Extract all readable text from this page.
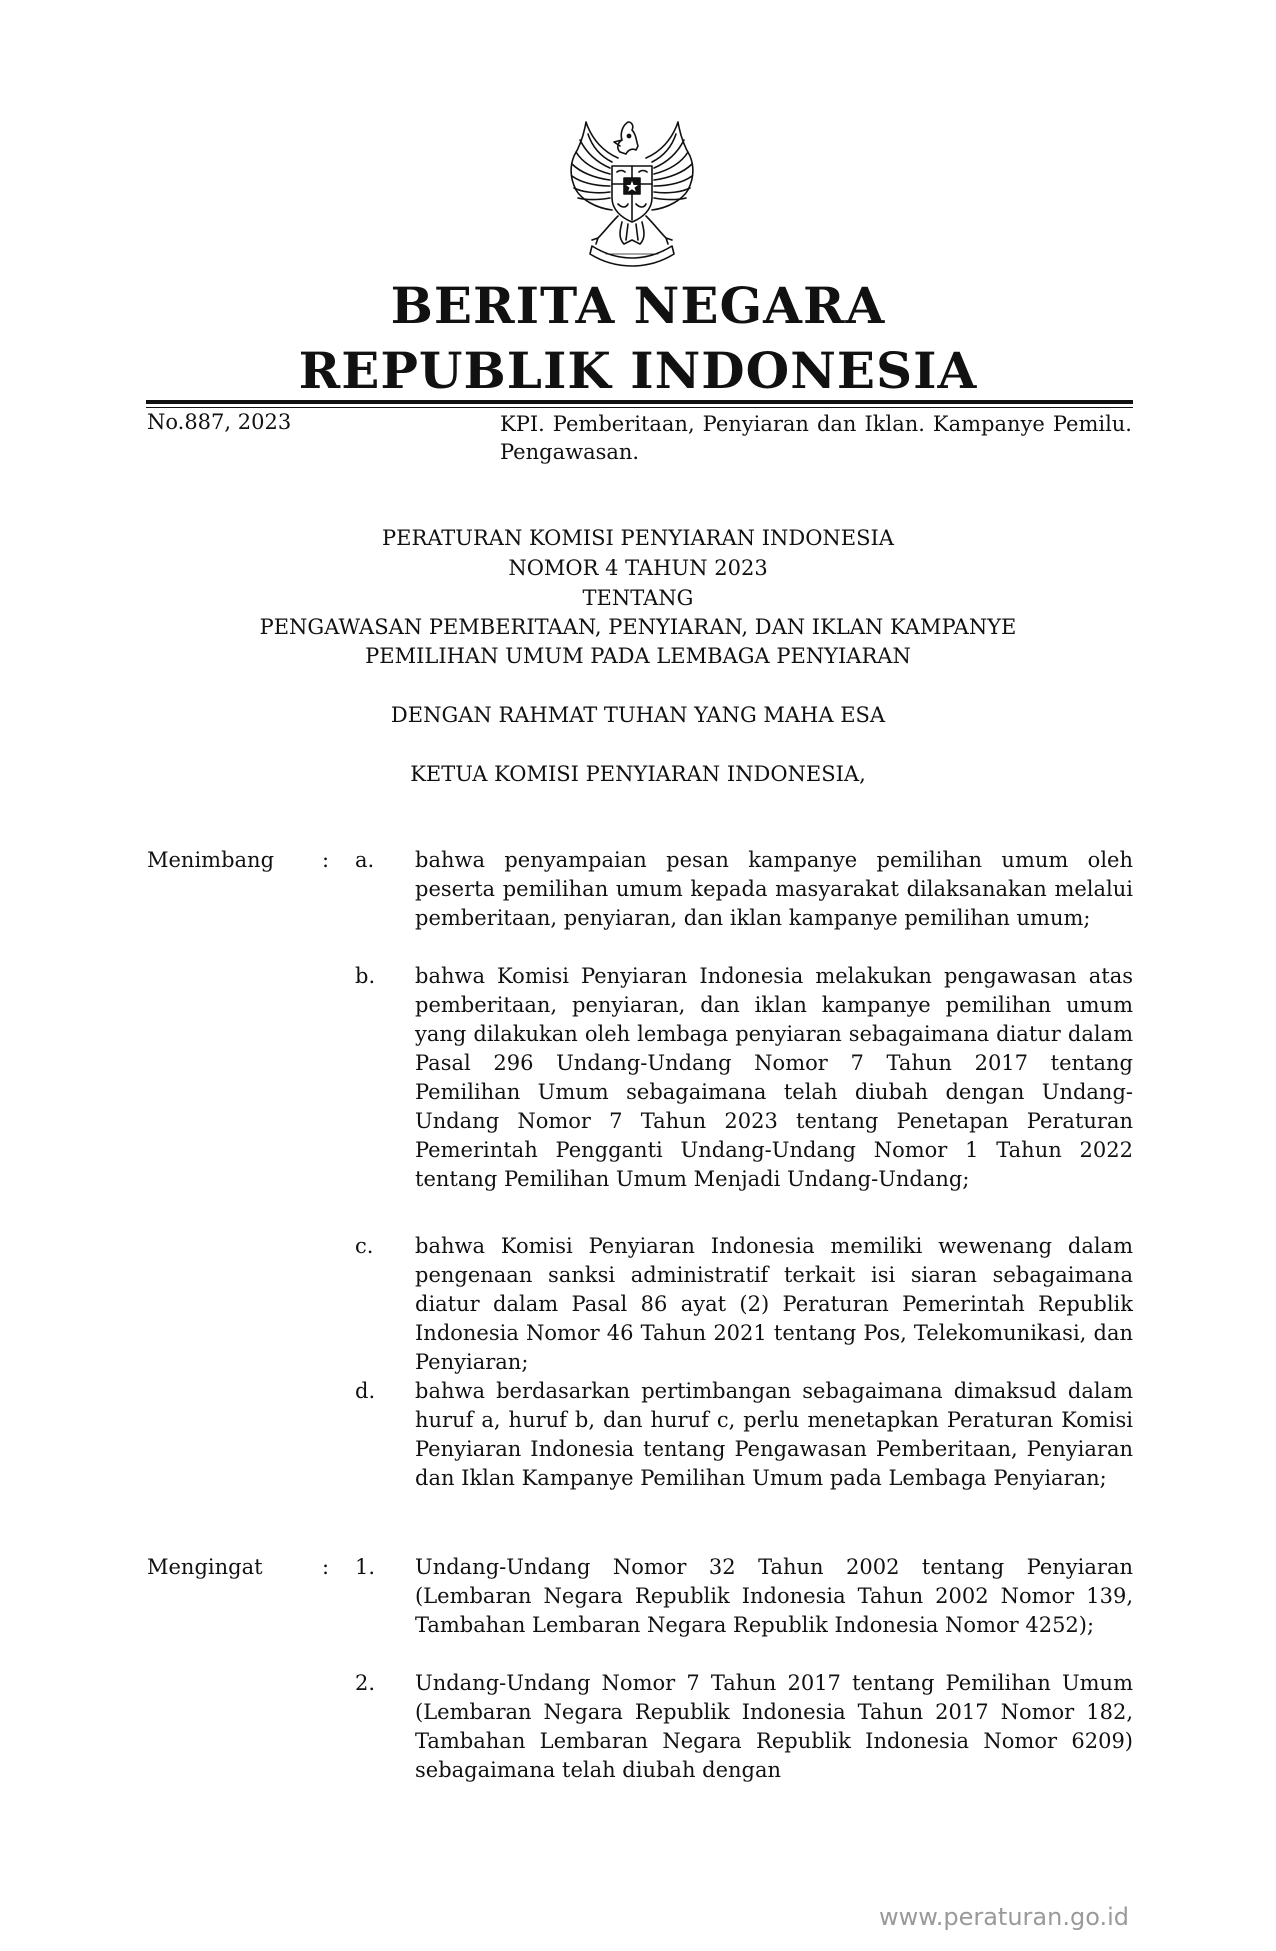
BERITA NEGARA
REPUBLIK INDONESIA
No.887, 2023	KPI. Pemberitaan, Penyiaran dan Iklan. Kampanye Pemilu. Pengawasan.
PERATURAN KOMISI PENYIARAN INDONESIA
NOMOR 4 TAHUN 2023
TENTANG
PENGAWASAN PEMBERITAAN, PENYIARAN, DAN IKLAN KAMPANYE
PEMILIHAN UMUM PADA LEMBAGA PENYIARAN
DENGAN RAHMAT TUHAN YANG MAHA ESA
KETUA KOMISI PENYIARAN INDONESIA,
Menimbang : a. bahwa penyampaian pesan kampanye pemilihan umum oleh peserta pemilihan umum kepada masyarakat dilaksanakan melalui pemberitaan, penyiaran, dan iklan kampanye pemilihan umum;
b. bahwa Komisi Penyiaran Indonesia melakukan pengawasan atas pemberitaan, penyiaran, dan iklan kampanye pemilihan umum yang dilakukan oleh lembaga penyiaran sebagaimana diatur dalam Pasal 296 Undang-Undang Nomor 7 Tahun 2017 tentang Pemilihan Umum sebagaimana telah diubah dengan Undang-Undang Nomor 7 Tahun 2023 tentang Penetapan Peraturan Pemerintah Pengganti Undang-Undang Nomor 1 Tahun 2022 tentang Pemilihan Umum Menjadi Undang-Undang;
c. bahwa Komisi Penyiaran Indonesia memiliki wewenang dalam pengenaan sanksi administratif terkait isi siaran sebagaimana diatur dalam Pasal 86 ayat (2) Peraturan Pemerintah Republik Indonesia Nomor 46 Tahun 2021 tentang Pos, Telekomunikasi, dan Penyiaran;
d. bahwa berdasarkan pertimbangan sebagaimana dimaksud dalam huruf a, huruf b, dan huruf c, perlu menetapkan Peraturan Komisi Penyiaran Indonesia tentang Pengawasan Pemberitaan, Penyiaran dan Iklan Kampanye Pemilihan Umum pada Lembaga Penyiaran;
Mengingat	: 1. Undang-Undang Nomor 32 Tahun 2002 tentang Penyiaran (Lembaran Negara Republik Indonesia Tahun 2002 Nomor 139, Tambahan Lembaran Negara Republik Indonesia Nomor 4252);
2. Undang-Undang Nomor 7 Tahun 2017 tentang Pemilihan Umum (Lembaran Negara Republik Indonesia Tahun 2017 Nomor 182, Tambahan Lembaran Negara Republik Indonesia Nomor 6209) sebagaimana telah diubah dengan
www.peraturan.go.id
